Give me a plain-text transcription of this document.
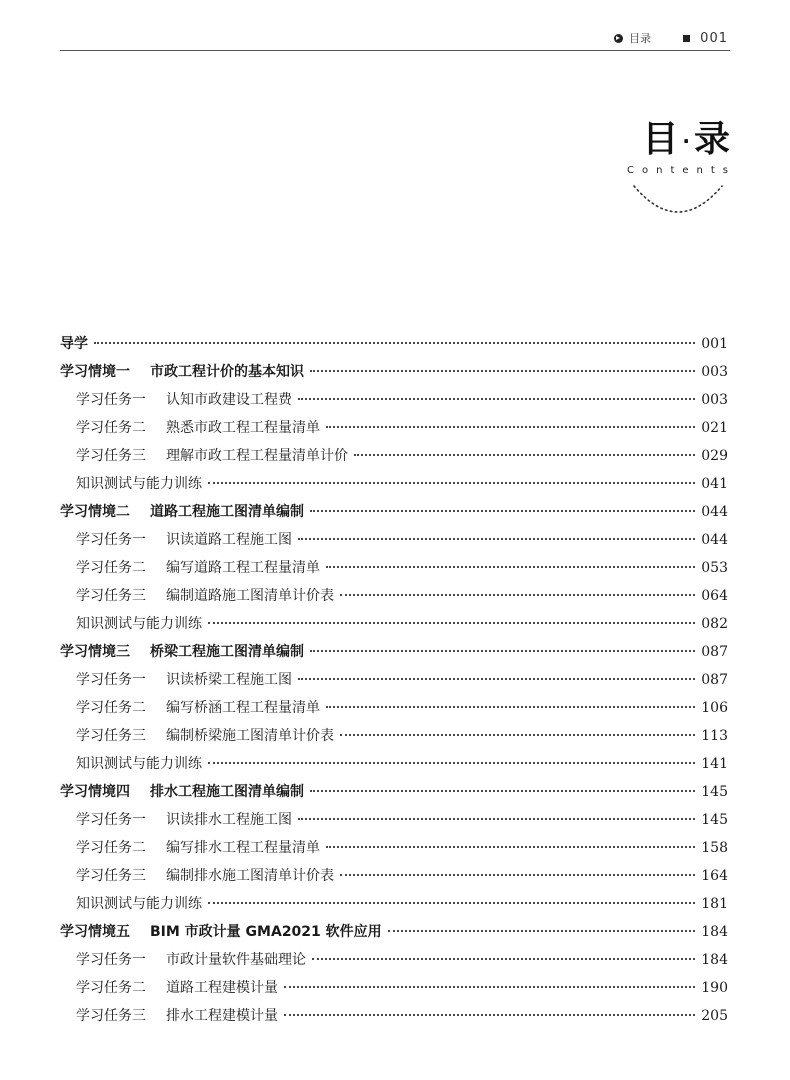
目录	001
目 · 录
Contents
导学	001
学习情境一 市政工程计价的基本知识	003
学习任务一 认知市政建设工程费	003
学习任务二 熟悉市政工程工程量清单	021
学习任务三 理解市政工程工程量清单计价	029
知识测试与能力训练	041
学习情境二 道路工程施工图清单编制	044
学习任务一 识读道路工程施工图	044
学习任务二 编写道路工程工程量清单	053
学习任务三 编制道路施工图清单计价表	064
知识测试与能力训练	082
学习情境三 桥梁工程施工图清单编制	087
学习任务一 识读桥梁工程施工图	087
学习任务二 编写桥涵工程工程量清单	106
学习任务三 编制桥梁施工图清单计价表	113
知识测试与能力训练	141
学习情境四 排水工程施工图清单编制	145
学习任务一 识读排水工程施工图	145
学习任务二 编写排水工程工程量清单	158
学习任务三 编制排水施工图清单计价表	164
知识测试与能力训练	181
学习情境五 BIM 市政计量 GMA2021 软件应用	184
学习任务一 市政计量软件基础理论	184
学习任务二 道路工程建模计量	190
学习任务三 排水工程建模计量	205
